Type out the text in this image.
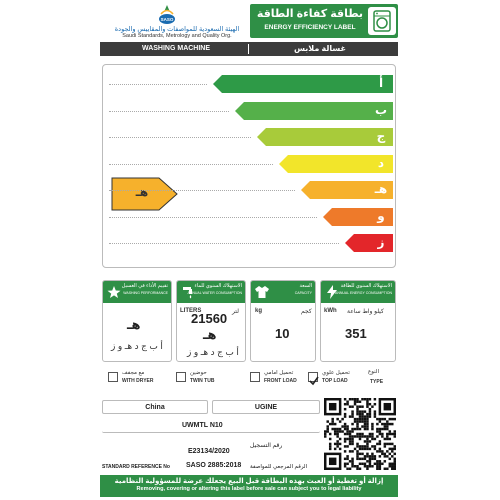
SASO
الهيئة السعودية للمواصفات والمقاييس والجودة
Saudi Standards, Metrology and Quality Org.
بطاقة كفاءة الطاقة
ENERGY EFFICIENCY LABEL
WASHING MACHINE	غسالة ملابس
هـ
أ
ب
ج
د
هـ
و
ز
تقييم الأداء في الغسيل
WASHING PERFORMANCE
هـ
أ ب ج د هـ و ز
الاستهلاك السنوي للماء
ANNUAL WATER CONSUMPTION
LITERS	لتر
21560
هـ
أ ب ج د هـ و ز
السعة
CAPACITY
kg	كجم
10
الاستهلاك السنوي للطاقة
ANNUAL ENERGY CONSUMPTION
kWh كيلو واط ساعة
351
تحميل علوي
TOP LOAD
تحميل امامي
FRONT LOAD
حوضين
TWIN TUB
مع مجفف
WITH DRYER
النوع
TYPE
China	UGINE
UWMTL N10
رقم التسجيل
E23134/2020
STANDARD REFERENCE No SASO 2885:2018 الرقم المرجعي للمواصفة
إزالة أو تغطية أو العبث بهذه البطاقة قبل البيع يجعلك عرضة للمسؤولية النظامية
Removing, covering or altering this label before sale can subject you to legal liability
